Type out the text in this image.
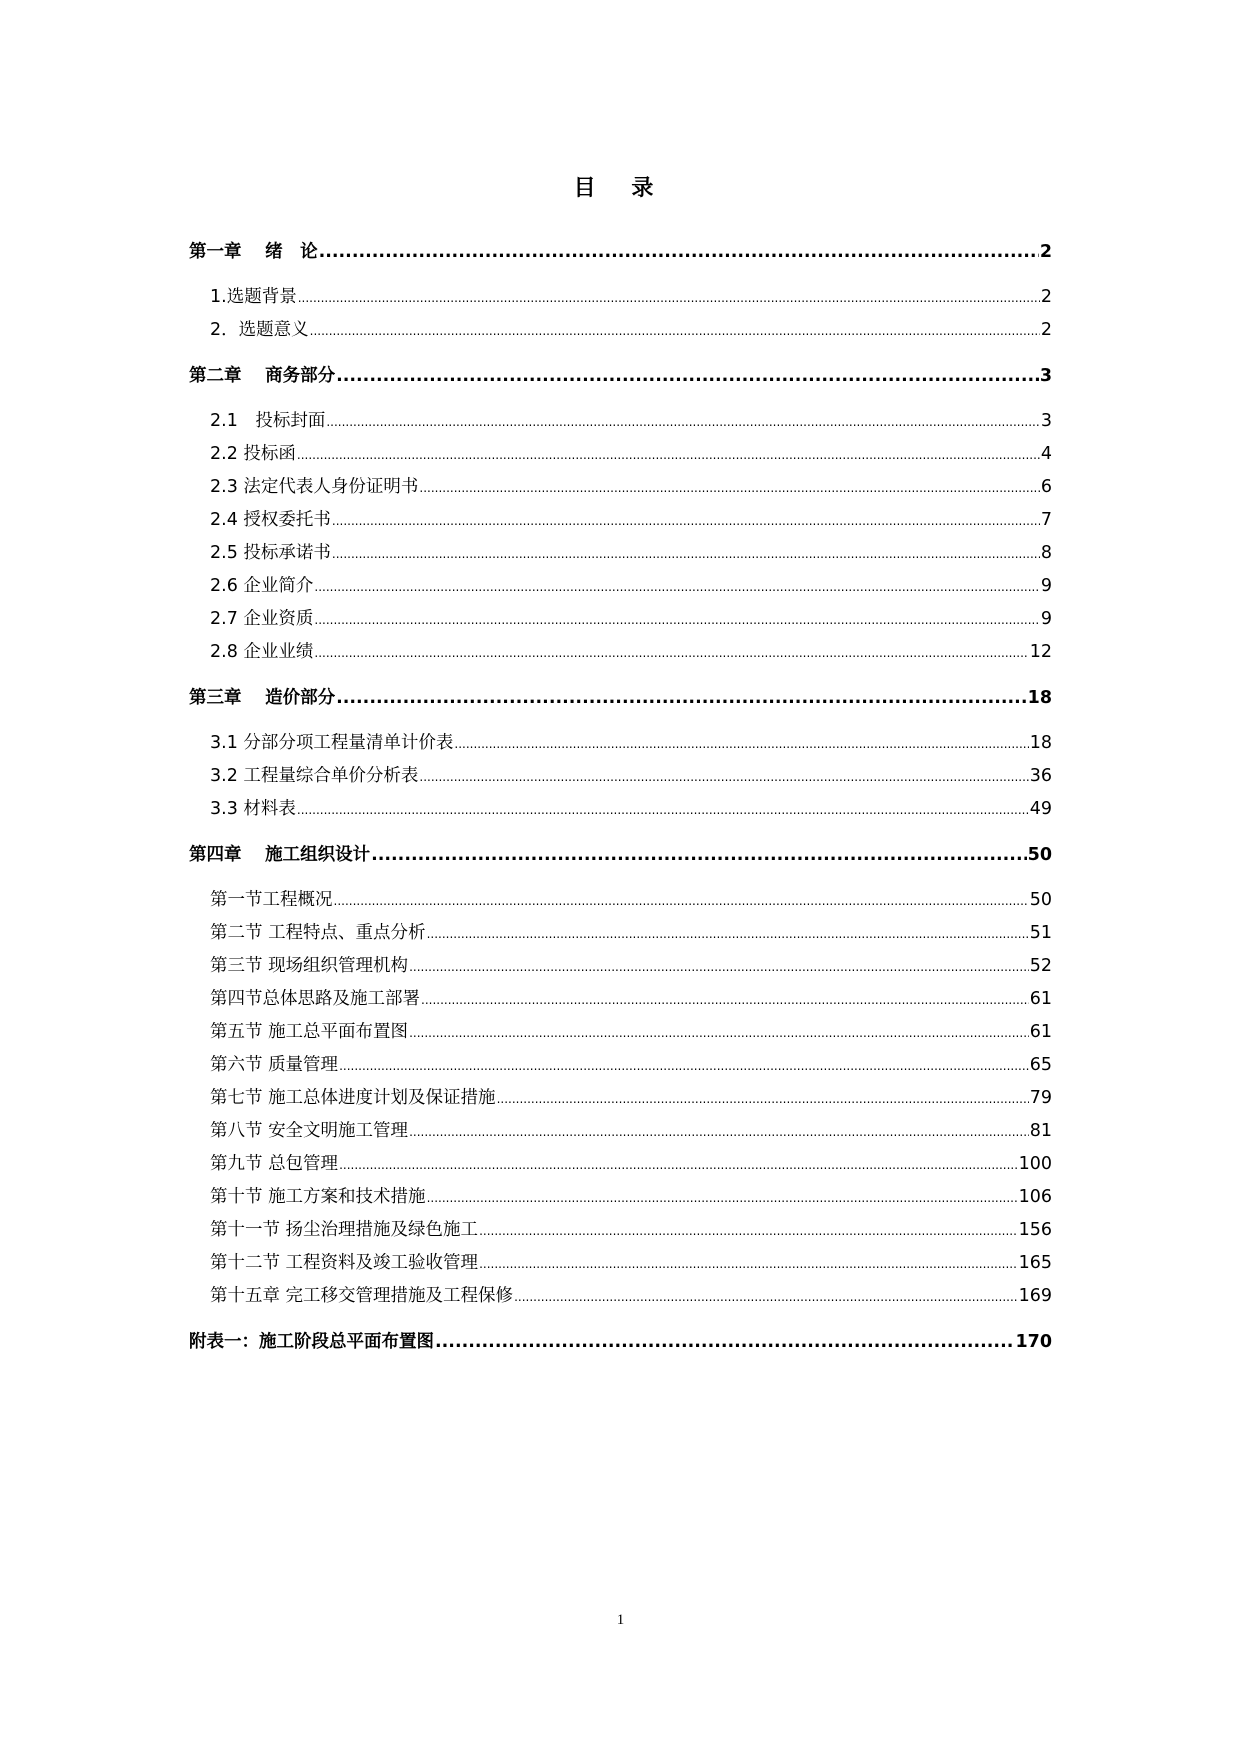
目 录
第一章　 绪　论 .....	2
1.选题背景 .....	2
2．选题意义 .....	2
第二章　 商务部分 .....	3
2.1　投标封面 .....	3
2.2 投标函 .....	4
2.3 法定代表人身份证明书 .....	6
2.4 授权委托书 .....	7
2.5 投标承诺书 .....	8
2.6 企业简介 .....	9
2.7 企业资质 .....	9
2.8 企业业绩 .....	12
第三章　 造价部分 .....	18
3.1 分部分项工程量清单计价表 .....	18
3.2 工程量综合单价分析表 .....	36
3.3 材料表 .....	49
第四章　 施工组织设计 .....	50
第一节工程概况 .....	50
第二节 工程特点、重点分析 .....	51
第三节 现场组织管理机构 .....	52
第四节总体思路及施工部署 .....	61
第五节 施工总平面布置图 .....	61
第六节 质量管理 .....	65
第七节 施工总体进度计划及保证措施 .....	79
第八节 安全文明施工管理 .....	81
第九节 总包管理 .....	100
第十节 施工方案和技术措施 .....	106
第十一节 扬尘治理措施及绿色施工 .....	156
第十二节 工程资料及竣工验收管理 .....	165
第十五章 完工移交管理措施及工程保修 .....	169
附表一：施工阶段总平面布置图 .....	170
1
